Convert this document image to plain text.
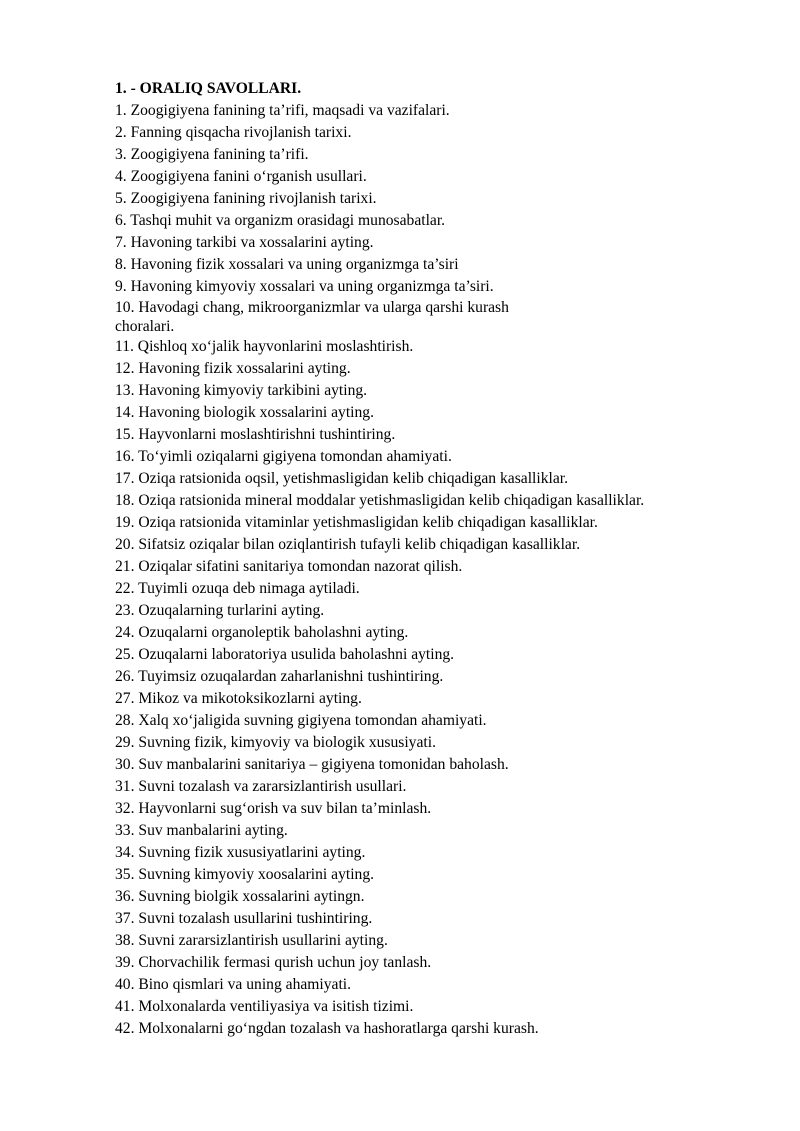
1. - ORALIQ SAVOLLARI.
1. Zoogigiyena fanining ta’rifi, maqsadi va vazifalari.
2. Fanning qisqacha rivojlanish tarixi.
3. Zoogigiyena fanining ta’rifi.
4. Zoogigiyena fanini o‘rganish usullari.
5. Zoogigiyena fanining rivojlanish tarixi.
6. Tashqi muhit va organizm orasidagi munosabatlar.
7. Havoning tarkibi va xossalarini ayting.
8. Havoning fizik xossalari va uning organizmga ta’siri
9. Havoning kimyoviy xossalari va uning organizmga ta’siri.
10. Havodagi chang, mikroorganizmlar va ularga qarshi kurash choralari.
11. Qishloq xo‘jalik hayvonlarini moslashtirish.
12. Havoning fizik xossalarini ayting.
13. Havoning kimyoviy tarkibini ayting.
14. Havoning biologik xossalarini ayting.
15. Hayvonlarni moslashtirishni tushintiring.
16. To‘yimli oziqalarni gigiyena tomondan ahamiyati.
17. Oziqa ratsionida oqsil, yetishmasligidan kelib chiqadigan kasalliklar.
18. Oziqa ratsionida mineral moddalar yetishmasligidan kelib chiqadigan kasalliklar.
19. Oziqa ratsionida vitaminlar yetishmasligidan kelib chiqadigan kasalliklar.
20. Sifatsiz oziqalar bilan oziqlantirish tufayli kelib chiqadigan kasalliklar.
21. Oziqalar sifatini sanitariya tomondan nazorat qilish.
22. Tuyimli ozuqa deb nimaga aytiladi.
23. Ozuqalarning turlarini ayting.
24. Ozuqalarni organoleptik baholashni ayting.
25. Ozuqalarni laboratoriya usulida baholashni ayting.
26. Tuyimsiz ozuqalardan zaharlanishni tushintiring.
27. Mikoz va mikotoksikozlarni ayting.
28. Xalq xo‘jaligida suvning gigiyena tomondan ahamiyati.
29. Suvning fizik, kimyoviy va biologik xususiyati.
30. Suv manbalarini sanitariya – gigiyena tomonidan baholash.
31. Suvni tozalash va zararsizlantirish usullari.
32. Hayvonlarni sug‘orish va suv bilan ta’minlash.
33. Suv manbalarini ayting.
34. Suvning fizik xususiyatlarini ayting.
35. Suvning kimyoviy xoosalarini ayting.
36. Suvning biolgik xossalarini aytingn.
37. Suvni tozalash usullarini tushintiring.
38. Suvni zararsizlantirish usullarini ayting.
39. Chorvachilik fermasi qurish uchun joy tanlash.
40. Bino qismlari va uning ahamiyati.
41. Molxonalarda ventiliyasiya va isitish tizimi.
42. Molxonalarni go‘ngdan tozalash va hashoratlarga qarshi kurash.
